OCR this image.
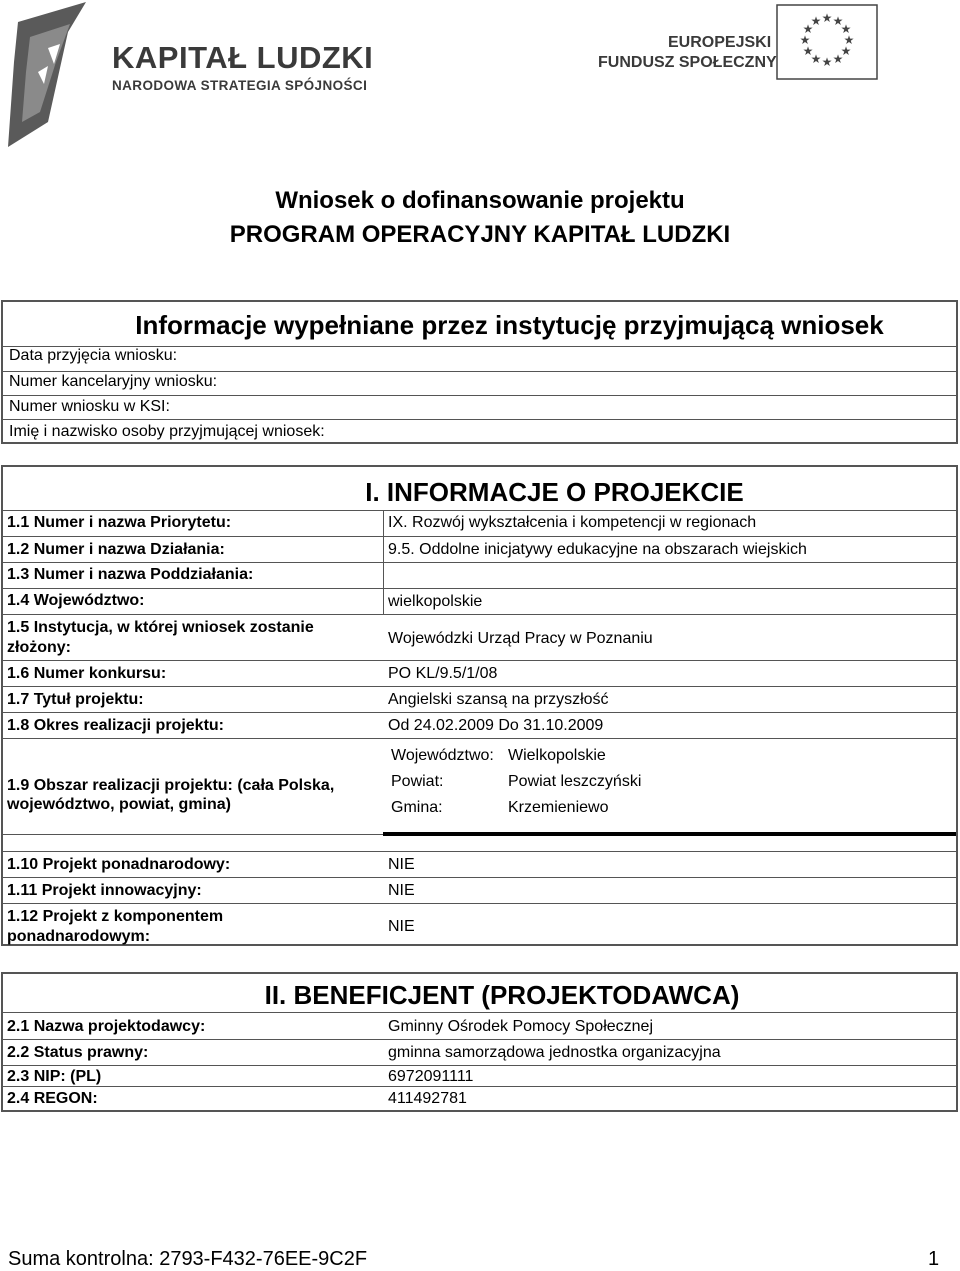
KAPITAŁ LUDZKI
NARODOWA STRATEGIA SPÓJNOŚCI
EUROPEJSKI
FUNDUSZ SPOŁECZNY
★ ★
★
★
★
★
★
★
★
★
★
★
Wniosek o dofinansowanie projektu
PROGRAM OPERACYJNY KAPITAŁ LUDZKI
Informacje wypełniane przez instytucję przyjmującą wniosek
Data przyjęcia wniosku:
Numer kancelaryjny wniosku:
Numer wniosku w KSI:
Imię i nazwisko osoby przyjmującej wniosek:
I. INFORMACJE O PROJEKCIE
1.1 Numer i nazwa Priorytetu:	IX. Rozwój wykształcenia i kompetencji w regionach
1.2 Numer i nazwa Działania:	9.5. Oddolne inicjatywy edukacyjne na obszarach wiejskich
1.3 Numer i nazwa Poddziałania:
1.4 Województwo:	wielkopolskie
1.5 Instytucja, w której wniosek zostanie
złożony:
Wojewódzki Urząd Pracy w Poznaniu
1.6 Numer konkursu:	PO KL/9.5/1/08
1.7 Tytuł projektu:	Angielski szansą na przyszłość
1.8 Okres realizacji projektu:	Od 24.02.2009 Do 31.10.2009
1.9 Obszar realizacji projektu: (cała Polska,
województwo, powiat, gmina)
Województwo: Wielkopolskie
Powiat:	Powiat leszczyński
Gmina:	Krzemieniewo
1.10 Projekt ponadnarodowy:	NIE
1.11 Projekt innowacyjny:	NIE
1.12 Projekt z komponentem
ponadnarodowym:
NIE
II. BENEFICJENT (PROJEKTODAWCA)
2.1 Nazwa projektodawcy:	Gminny Ośrodek Pomocy Społecznej
2.2 Status prawny:	gminna samorządowa jednostka organizacyjna
2.3 NIP: (PL)	6972091111
2.4 REGON:	411492781
Suma kontrolna: 2793-F432-76EE-9C2F	1
